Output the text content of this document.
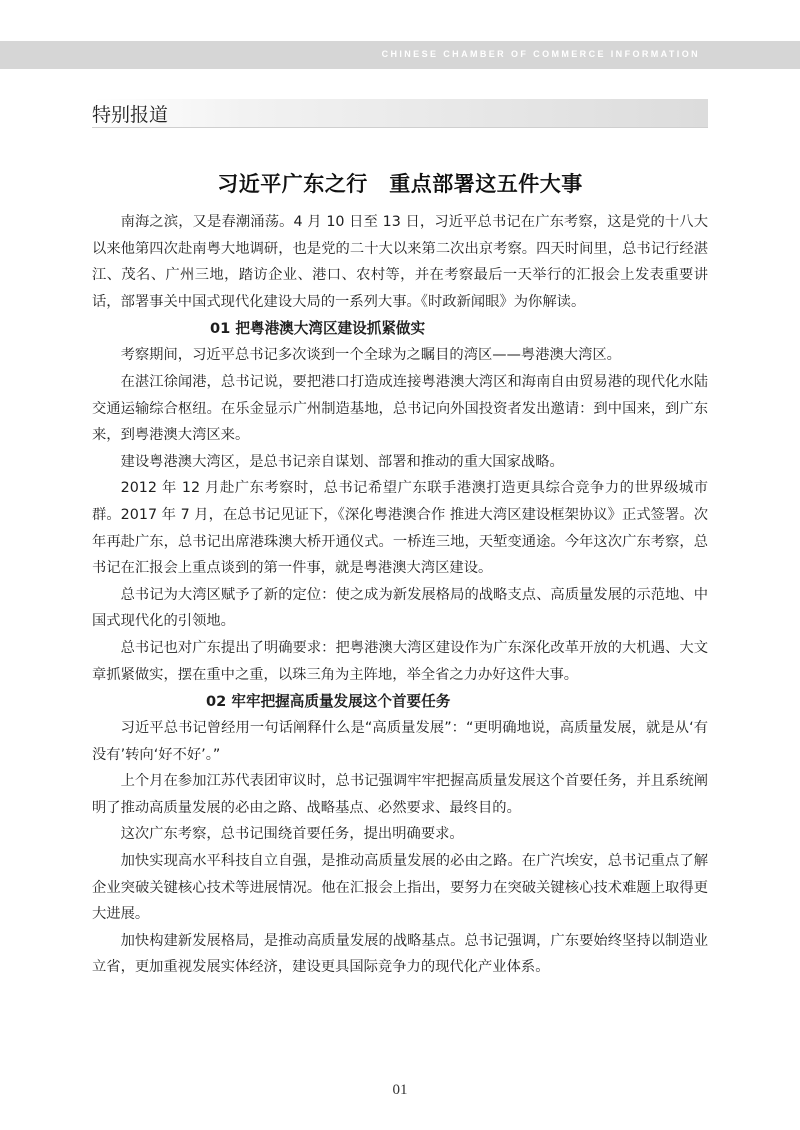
CHINESE CHAMBER OF COMMERCE INFORMATION
特别报道
习近平广东之行　重点部署这五件大事

南海之滨，又是春潮涌荡。4 月 10 日至 13 日，习近平总书记在广东考察，这是党的十八大以来他第四次赴南粤大地调研，也是党的二十大以来第二次出京考察。四天时间里，总书记行经湛江、茂名、广州三地，踏访企业、港口、农村等，并在考察最后一天举行的汇报会上发表重要讲话，部署事关中国式现代化建设大局的一系列大事。《时政新闻眼》为你解读。

01 把粤港澳大湾区建设抓紧做实

考察期间，习近平总书记多次谈到一个全球为之瞩目的湾区——粤港澳大湾区。

在湛江徐闻港，总书记说，要把港口打造成连接粤港澳大湾区和海南自由贸易港的现代化水陆交通运输综合枢纽。在乐金显示广州制造基地，总书记向外国投资者发出邀请：到中国来，到广东来，到粤港澳大湾区来。

建设粤港澳大湾区，是总书记亲自谋划、部署和推动的重大国家战略。

2012 年 12 月赴广东考察时，总书记希望广东联手港澳打造更具综合竞争力的世界级城市群。2017 年 7 月，在总书记见证下，《深化粤港澳合作 推进大湾区建设框架协议》正式签署。次年再赴广东，总书记出席港珠澳大桥开通仪式。一桥连三地，天堑变通途。今年这次广东考察，总书记在汇报会上重点谈到的第一件事，就是粤港澳大湾区建设。

总书记为大湾区赋予了新的定位：使之成为新发展格局的战略支点、高质量发展的示范地、中国式现代化的引领地。

总书记也对广东提出了明确要求：把粤港澳大湾区建设作为广东深化改革开放的大机遇、大文章抓紧做实，摆在重中之重，以珠三角为主阵地，举全省之力办好这件大事。

02 牢牢把握高质量发展这个首要任务

习近平总书记曾经用一句话阐释什么是“高质量发展”：“更明确地说，高质量发展，就是从‘有没有’转向‘好不好’。”

上个月在参加江苏代表团审议时，总书记强调牢牢把握高质量发展这个首要任务，并且系统阐明了推动高质量发展的必由之路、战略基点、必然要求、最终目的。

这次广东考察，总书记围绕首要任务，提出明确要求。

加快实现高水平科技自立自强，是推动高质量发展的必由之路。在广汽埃安，总书记重点了解企业突破关键核心技术等进展情况。他在汇报会上指出，要努力在突破关键核心技术难题上取得更大进展。

加快构建新发展格局，是推动高质量发展的战略基点。总书记强调，广东要始终坚持以制造业立省，更加重视发展实体经济，建设更具国际竞争力的现代化产业体系。

01
